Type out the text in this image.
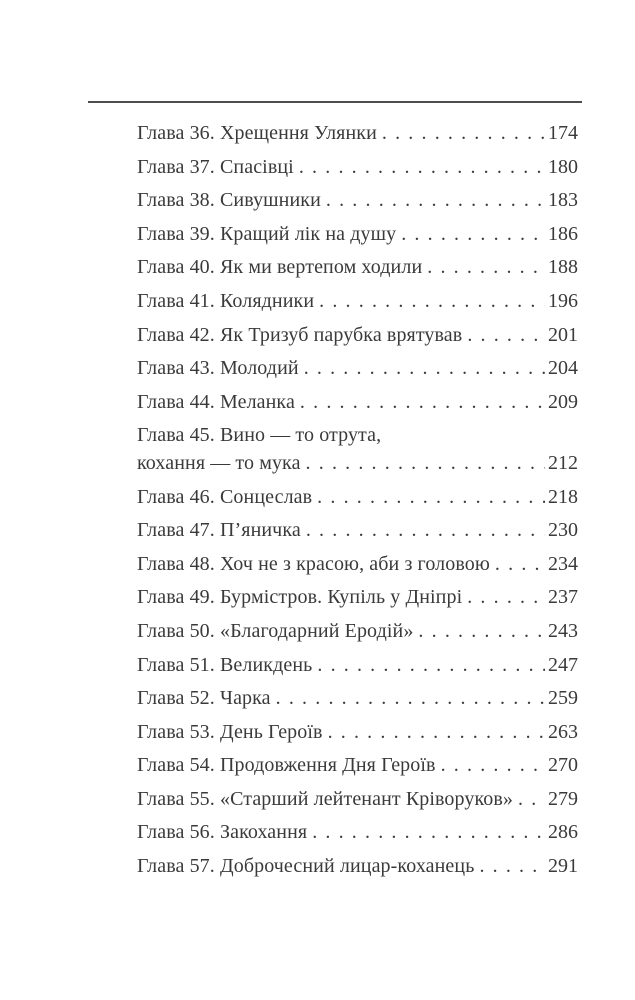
Глава 36. Хрещення Улянки . . .	174
Глава 37. Спасівці . . .	180
Глава 38. Сивушники . . .	183
Глава 39. Кращий лік на душу . . .	186
Глава 40. Як ми вертепом ходили . . .	188
Глава 41. Колядники . . .	196
Глава 42. Як Тризуб парубка врятував . . .	201
Глава 43. Молодий . . .	204
Глава 44. Меланка . . .	209
Глава 45. Вино — то отрута,
кохання — то мука . . .	212
Глава 46. Сонцеслав . . .	218
Глава 47. П’яничка . . .	230
Глава 48. Хоч не з красою, аби з головою . . .	234
Глава 49. Бурмістров. Купіль у Дніпрі . . .	237
Глава 50. «Благодарний Еродій» . . .	243
Глава 51. Великдень . . .	247
Глава 52. Чарка . . .	259
Глава 53. День Героїв . . .	263
Глава 54. Продовження Дня Героїв . . .	270
Глава 55. «Старший лейтенант Кріворуков» . . . 279
Глава 56. Закохання . . .	286
Глава 57. Доброчесний лицар-коханець . . .	291
